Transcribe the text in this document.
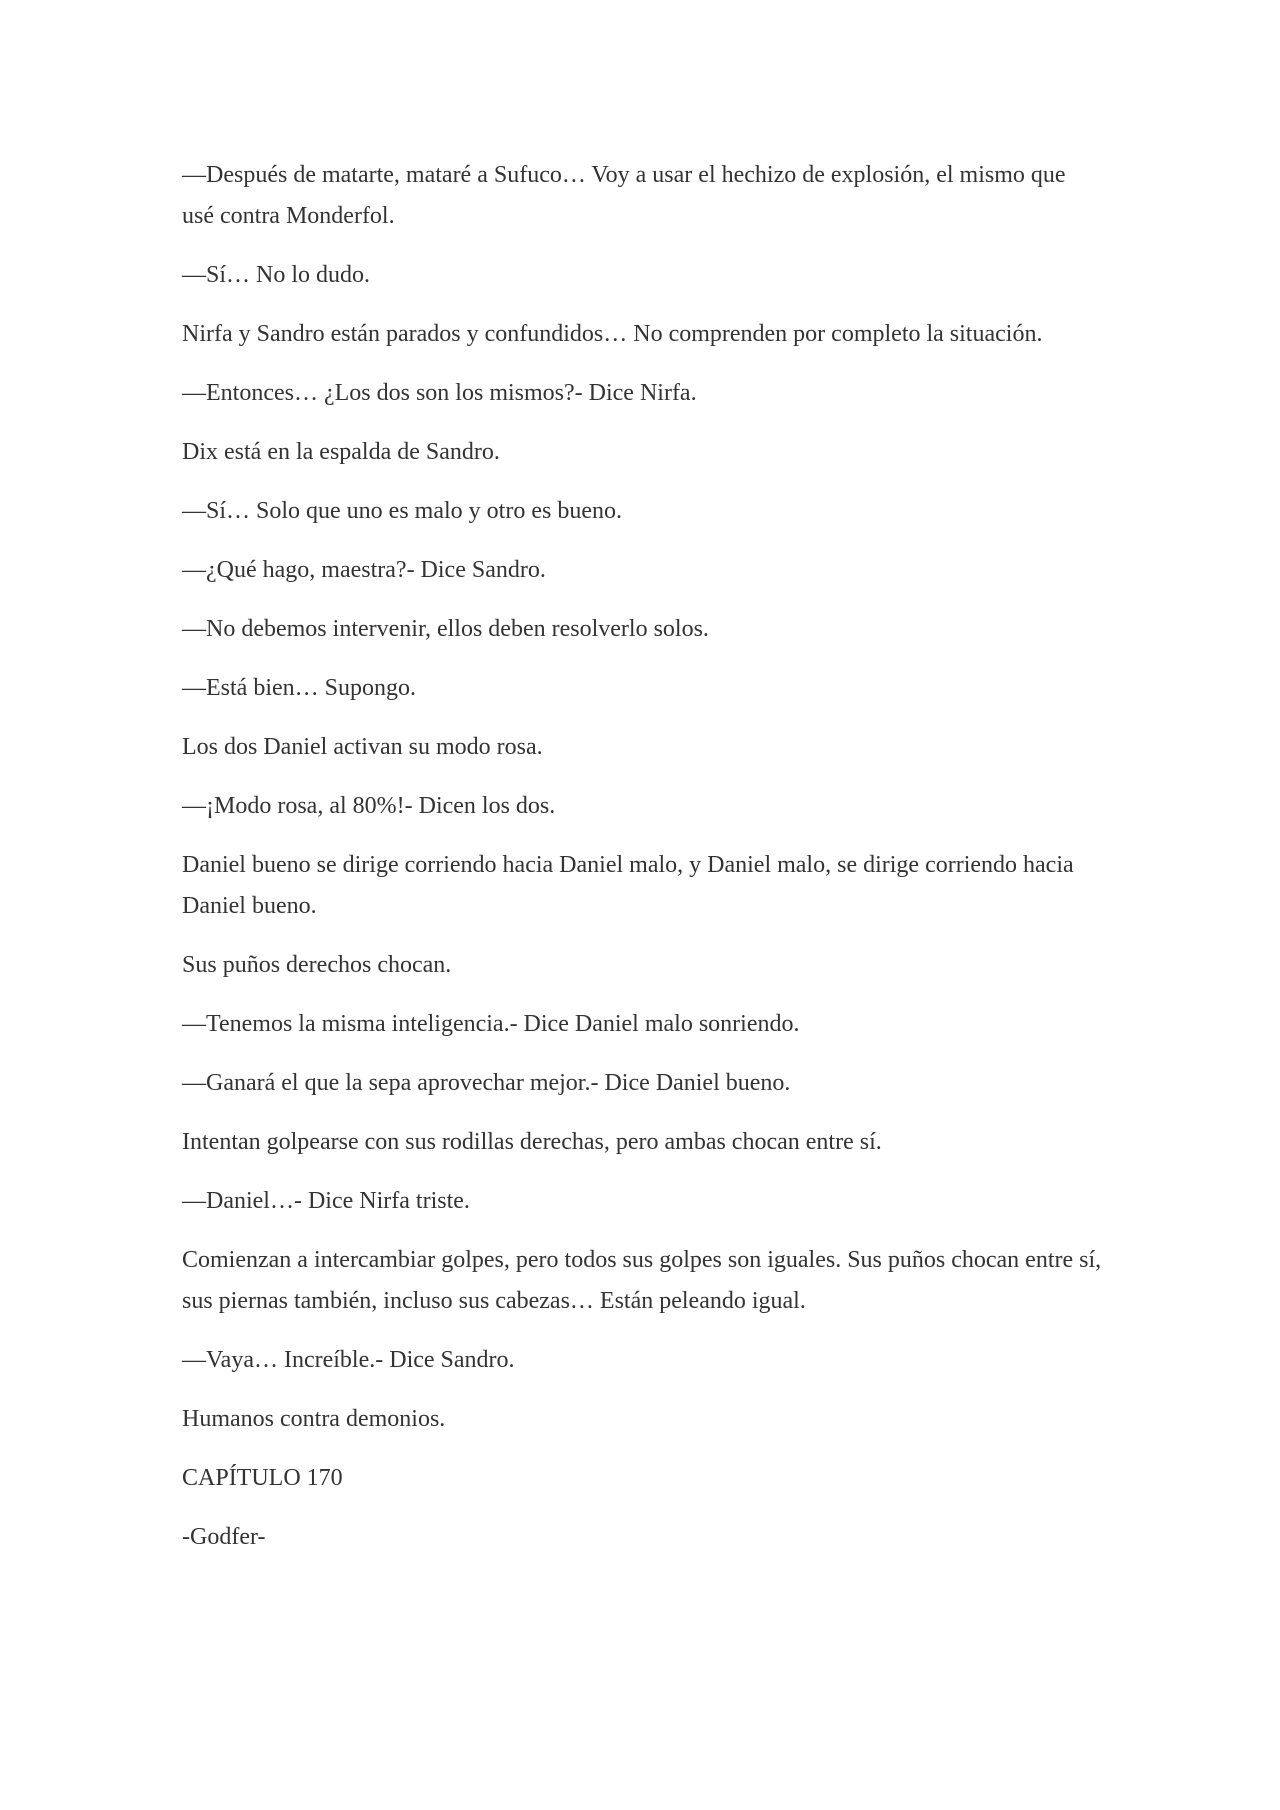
—Después de matarte, mataré a Sufuco… Voy a usar el hechizo de explosión, el mismo que usé contra Monderfol.

—Sí… No lo dudo.

Nirfa y Sandro están parados y confundidos… No comprenden por completo la situación.

—Entonces… ¿Los dos son los mismos?- Dice Nirfa.

Dix está en la espalda de Sandro.

—Sí… Solo que uno es malo y otro es bueno.

—¿Qué hago, maestra?- Dice Sandro.

—No debemos intervenir, ellos deben resolverlo solos.

—Está bien… Supongo.

Los dos Daniel activan su modo rosa.

—¡Modo rosa, al 80%!- Dicen los dos.

Daniel bueno se dirige corriendo hacia Daniel malo, y Daniel malo, se dirige corriendo hacia Daniel bueno.

Sus puños derechos chocan.

—Tenemos la misma inteligencia.- Dice Daniel malo sonriendo.

—Ganará el que la sepa aprovechar mejor.- Dice Daniel bueno.

Intentan golpearse con sus rodillas derechas, pero ambas chocan entre sí.

—Daniel…- Dice Nirfa triste.

Comienzan a intercambiar golpes, pero todos sus golpes son iguales. Sus puños chocan entre sí, sus piernas también, incluso sus cabezas… Están peleando igual.

—Vaya… Increíble.- Dice Sandro.

Humanos contra demonios.

CAPÍTULO 170

-Godfer-
